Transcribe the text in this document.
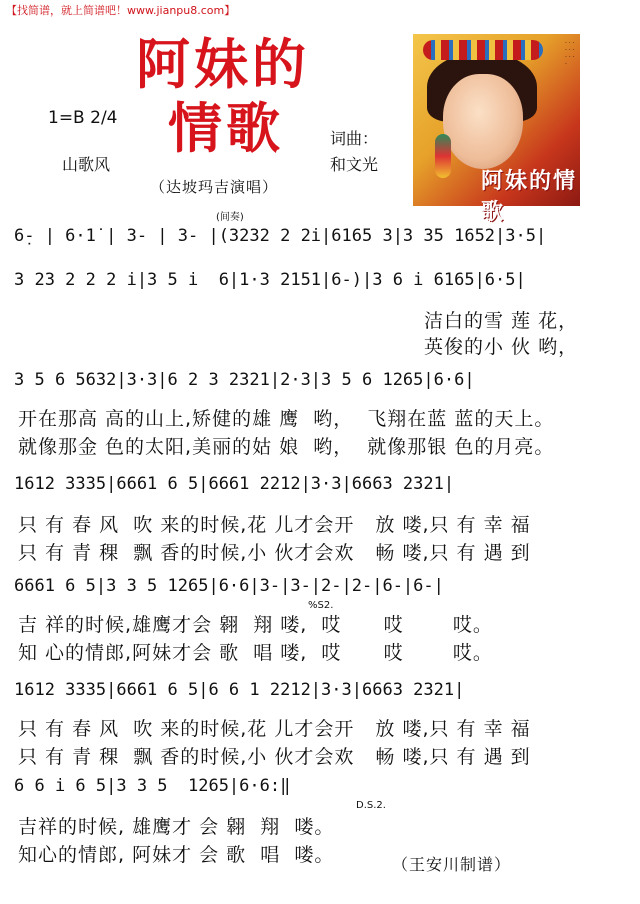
【找简谱，就上简谱吧！www.jianpu8.com】
阿妹的
情歌
1=B 2/4
山歌风
词曲：
和文光
（达坡玛吉演唱）
· · · · · · · · · ·
阿妹的情歌
(间奏)
6̣- | 6·1̇ | 3- | 3- |(3232 2 2i|6165 3|3 35 1652|3·5|
3 23 2 2 2 i|3 5 i  6|1·3 2151|6-)|3 6 i 6165|6·5|
洁白的雪 莲 花，
英俊的小 伙 哟，
3 5 6 5632|3·3|6 2 3 2321|2·3|3 5 6 1265|6·6|
开在那高 高的山上,矫健的雄 鹰  哟，  飞翔在蓝 蓝的天上。
就像那金 色的太阳,美丽的姑 娘  哟，  就像那银 色的月亮。
1612 3335|6661 6 5|6661 2212|3·3|6663 2321|
只 有 春 风  吹 来的时候,花 儿才会开   放 喽,只 有 幸 福
只 有 青 稞  飘 香的时候,小 伙才会欢   畅 喽,只 有 遇 到
6661 6 5|3 3 5 1265|6·6|3-|3-|2-|2-|6-|6-|
%S2.
吉 祥的时候,雄鹰才会 翱  翔 喽,  哎      哎       哎。
知 心的情郎,阿妹才会 歌  唱 喽,  哎      哎       哎。
1612 3335|6661 6 5|6 6 1 2212|3·3|6663 2321|
只 有 春 风  吹 来的时候,花 儿才会开   放 喽,只 有 幸 福
只 有 青 稞  飘 香的时候,小 伙才会欢   畅 喽,只 有 遇 到
6 6 i 6 5|3 3 5  1265|6·6:‖
D.S.2.
吉祥的时候, 雄鹰才 会 翱  翔  喽。
知心的情郎, 阿妹才 会 歌  唱  喽。	（王安川制谱）
